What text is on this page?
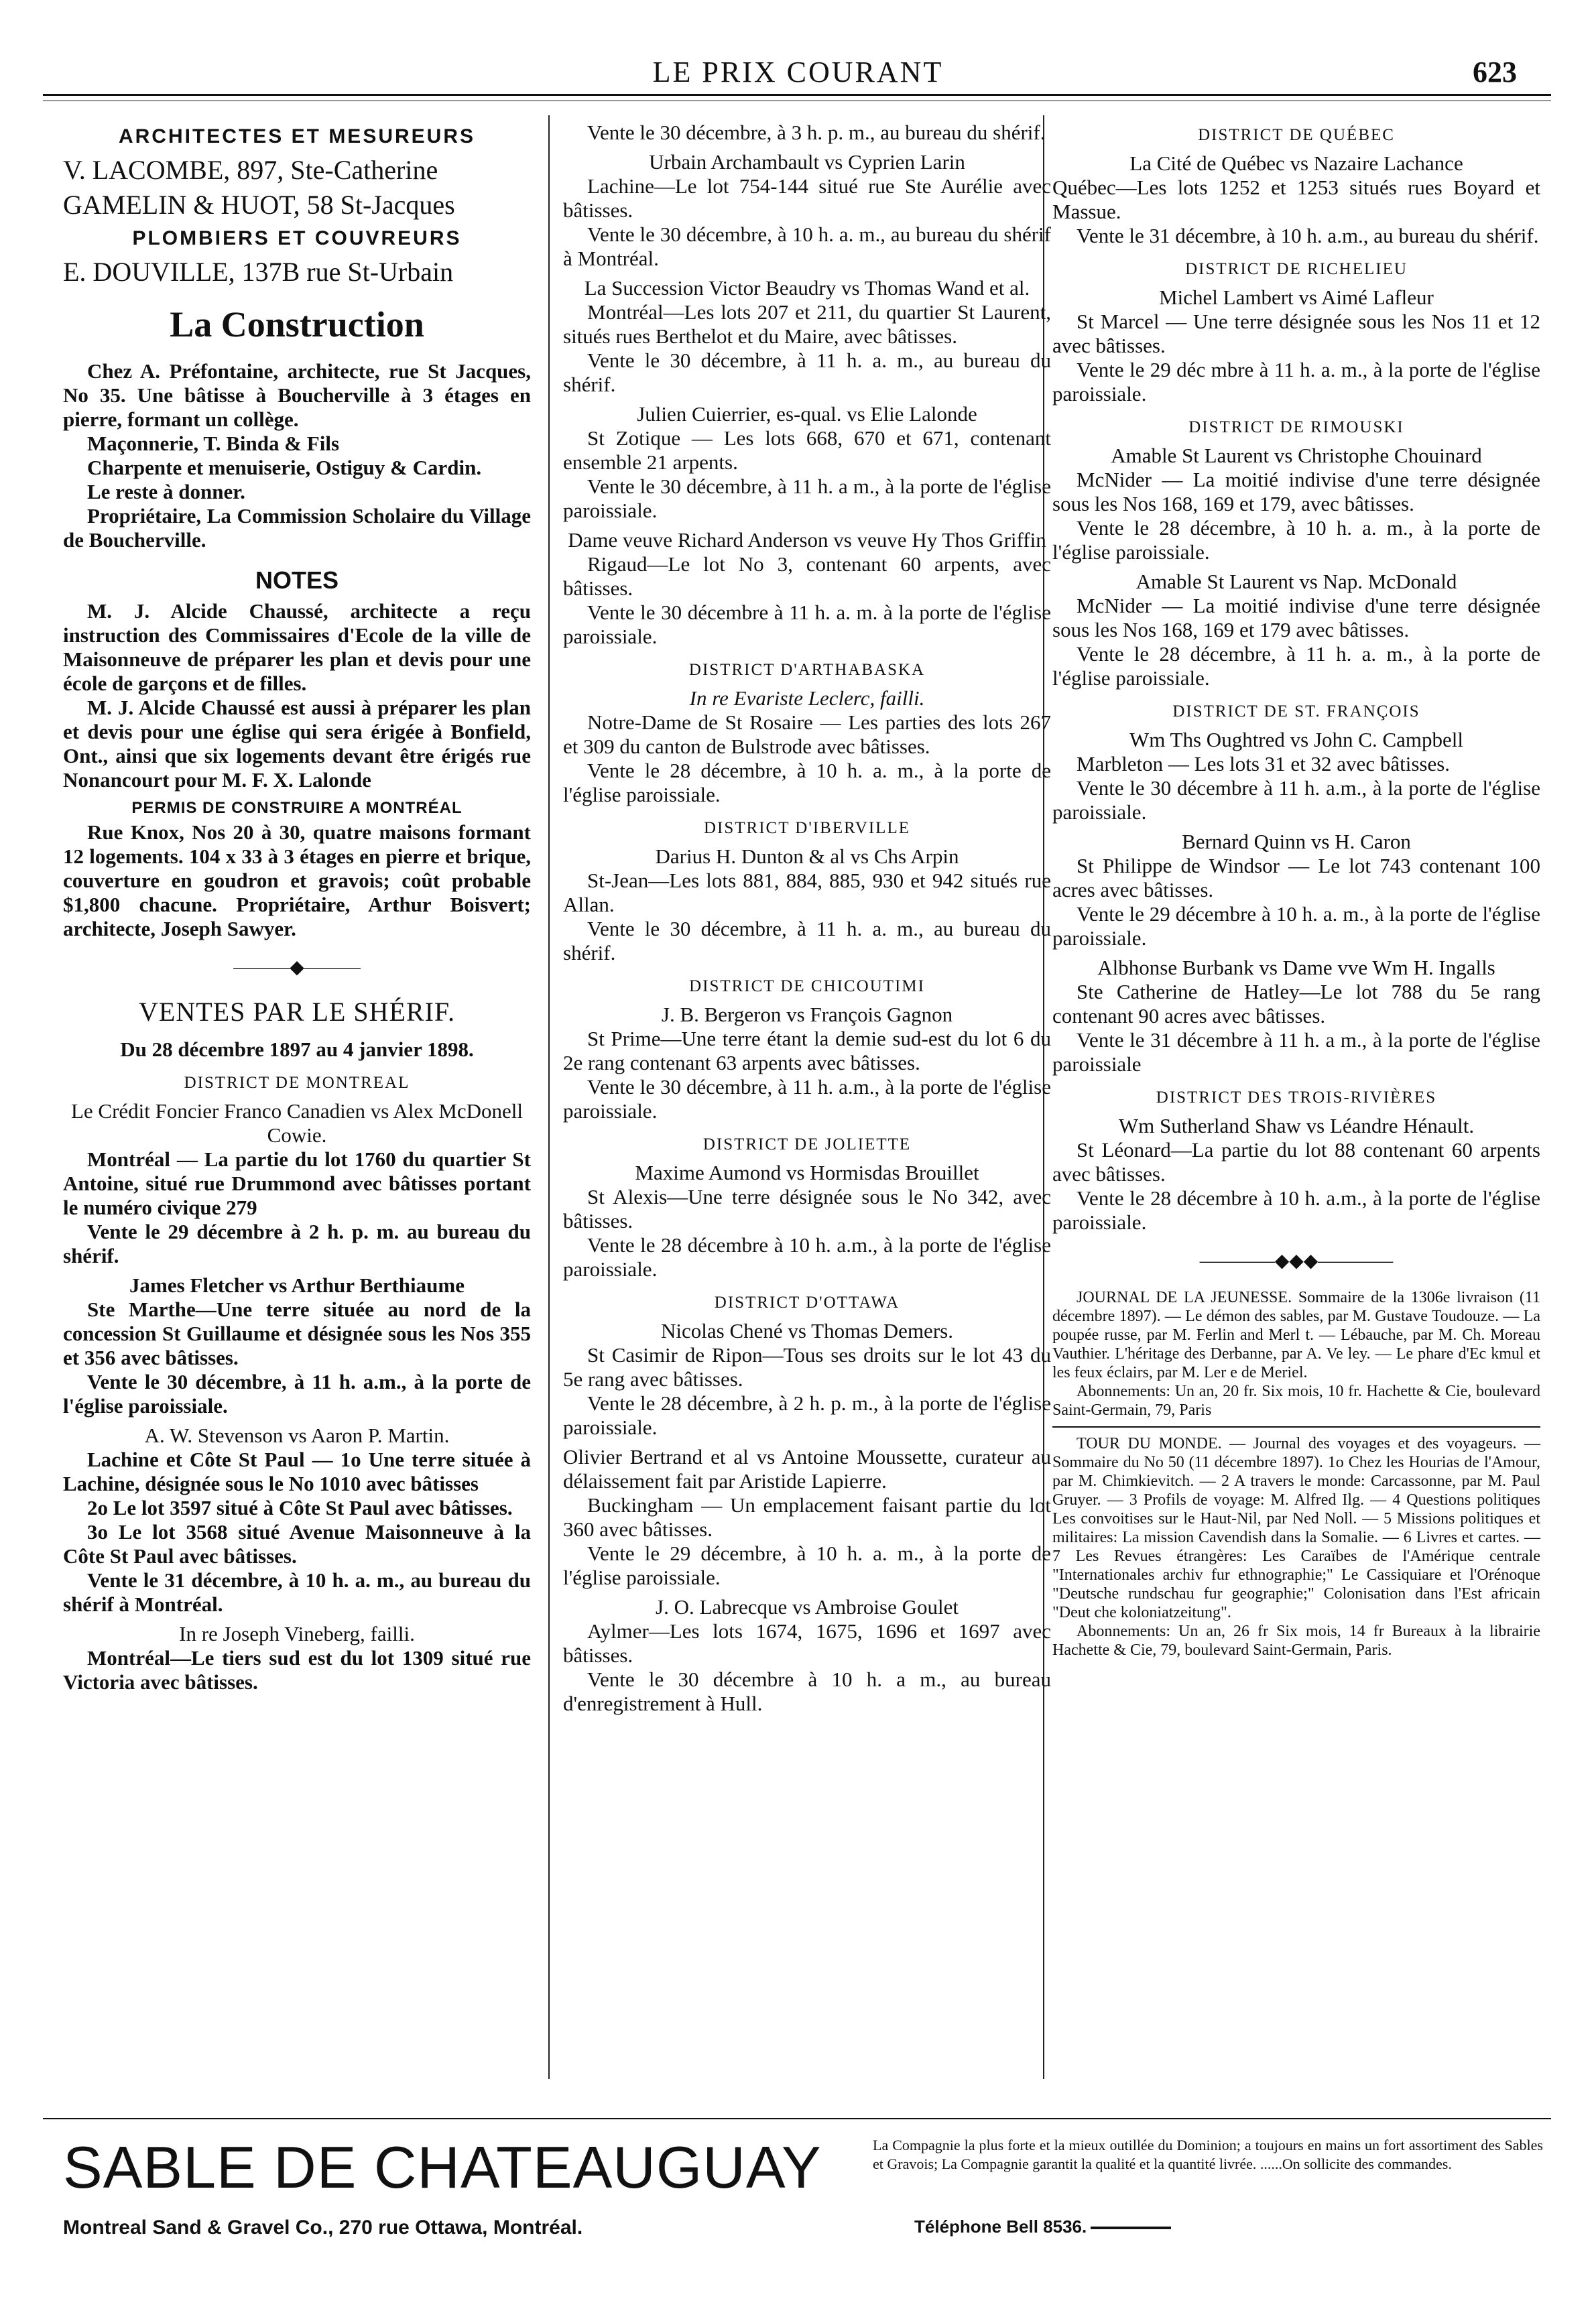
LE PRIX COURANT	623
ARCHITECTES ET MESUREURS
V. LACOMBE, 897, Ste-Catherine
GAMELIN & HUOT, 58 St-Jacques
PLOMBIERS ET COUVREURS
E. DOUVILLE, 137B rue St-Urbain
La Construction

Chez A. Préfontaine, architecte, rue St Jacques, No 35. Une bâtisse à Boucherville à 3 étages en pierre, formant un collège.

Maçonnerie, T. Binda & Fils

Charpente et menuiserie, Ostiguy & Cardin.

Le reste à donner.

Propriétaire, La Commission Scholaire du Village de Boucherville.

NOTES

M. J. Alcide Chaussé, architecte a reçu instruction des Commissaires d'Ecole de la ville de Maisonneuve de préparer les plan et devis pour une école de garçons et de filles.

M. J. Alcide Chaussé est aussi à préparer les plan et devis pour une église qui sera érigée à Bonfield, Ont., ainsi que six logements devant être érigés rue Nonancourt pour M. F. X. Lalonde

PERMIS DE CONSTRUIRE A MONTRÉAL

Rue Knox, Nos 20 à 30, quatre maisons formant 12 logements. 104 x 33 à 3 étages en pierre et brique, couverture en goudron et gravois; coût probable $1,800 chacune. Propriétaire, Arthur Boisvert; architecte, Joseph Sawyer.

———◆———
VENTES PAR LE SHÉRIF.

Du 28 décembre 1897 au 4 janvier 1898.

DISTRICT DE MONTREAL

Le Crédit Foncier Franco Canadien vs Alex McDonell Cowie.

Montréal — La partie du lot 1760 du quartier St Antoine, situé rue Drummond avec bâtisses portant le numéro civique 279

Vente le 29 décembre à 2 h. p. m. au bureau du shérif.

James Fletcher vs Arthur Berthiaume

Ste Marthe—Une terre située au nord de la concession St Guillaume et désignée sous les Nos 355 et 356 avec bâtisses.

Vente le 30 décembre, à 11 h. a.m., à la porte de l'église paroissiale.

A. W. Stevenson vs Aaron P. Martin.

Lachine et Côte St Paul — 1o Une terre située à Lachine, désignée sous le No 1010 avec bâtisses

2o Le lot 3597 situé à Côte St Paul avec bâtisses.

3o Le lot 3568 situé Avenue Maisonneuve à la Côte St Paul avec bâtisses.

Vente le 31 décembre, à 10 h. a. m., au bureau du shérif à Montréal.

In re Joseph Vineberg, failli.

Montréal—Le tiers sud est du lot 1309 situé rue Victoria avec bâtisses.

Vente le 30 décembre, à 3 h. p. m., au bureau du shérif.

Urbain Archambault vs Cyprien Larin

Lachine—Le lot 754-144 situé rue Ste Aurélie avec bâtisses.

Vente le 30 décembre, à 10 h. a. m., au bureau du shérif à Montréal.

La Succession Victor Beaudry vs Thomas Wand et al.

Montréal—Les lots 207 et 211, du quartier St Laurent, situés rues Berthelot et du Maire, avec bâtisses.

Vente le 30 décembre, à 11 h. a. m., au bureau du shérif.

Julien Cuierrier, es-qual. vs Elie Lalonde

St Zotique — Les lots 668, 670 et 671, contenant ensemble 21 arpents.

Vente le 30 décembre, à 11 h. a m., à la porte de l'église paroissiale.

Dame veuve Richard Anderson vs veuve Hy Thos Griffin

Rigaud—Le lot No 3, contenant 60 arpents, avec bâtisses.

Vente le 30 décembre à 11 h. a. m. à la porte de l'église paroissiale.

DISTRICT D'ARTHABASKA

In re Evariste Leclerc, failli.

Notre-Dame de St Rosaire — Les parties des lots 267 et 309 du canton de Bulstrode avec bâtisses.

Vente le 28 décembre, à 10 h. a. m., à la porte de l'église paroissiale.

DISTRICT D'IBERVILLE

Darius H. Dunton & al vs Chs Arpin

St-Jean—Les lots 881, 884, 885, 930 et 942 situés rue Allan.

Vente le 30 décembre, à 11 h. a. m., au bureau du shérif.

DISTRICT DE CHICOUTIMI

J. B. Bergeron vs François Gagnon

St Prime—Une terre étant la demie sud-est du lot 6 du 2e rang contenant 63 arpents avec bâtisses.

Vente le 30 décembre, à 11 h. a.m., à la porte de l'église paroissiale.

DISTRICT DE JOLIETTE

Maxime Aumond vs Hormisdas Brouillet

St Alexis—Une terre désignée sous le No 342, avec bâtisses.

Vente le 28 décembre à 10 h. a.m., à la porte de l'église paroissiale.

DISTRICT D'OTTAWA

Nicolas Chené vs Thomas Demers.

St Casimir de Ripon—Tous ses droits sur le lot 43 du 5e rang avec bâtisses.

Vente le 28 décembre, à 2 h. p. m., à la porte de l'église paroissiale.

Olivier Bertrand et al vs Antoine Moussette, curateur au délaissement fait par Aristide Lapierre.

Buckingham — Un emplacement faisant partie du lot 360 avec bâtisses.

Vente le 29 décembre, à 10 h. a. m., à la porte de l'église paroissiale.

J. O. Labrecque vs Ambroise Goulet

Aylmer—Les lots 1674, 1675, 1696 et 1697 avec bâtisses.

Vente le 30 décembre à 10 h. a m., au bureau d'enregistrement à Hull.

DISTRICT DE QUÉBEC

La Cité de Québec vs Nazaire Lachance

Québec—Les lots 1252 et 1253 situés rues Boyard et Massue.

Vente le 31 décembre, à 10 h. a.m., au bureau du shérif.

DISTRICT DE RICHELIEU

Michel Lambert vs Aimé Lafleur

St Marcel — Une terre désignée sous les Nos 11 et 12 avec bâtisses.

Vente le 29 déc mbre à 11 h. a. m., à la porte de l'église paroissiale.

DISTRICT DE RIMOUSKI

Amable St Laurent vs Christophe Chouinard

McNider — La moitié indivise d'une terre désignée sous les Nos 168, 169 et 179, avec bâtisses.

Vente le 28 décembre, à 10 h. a. m., à la porte de l'église paroissiale.

Amable St Laurent vs Nap. McDonald

McNider — La moitié indivise d'une terre désignée sous les Nos 168, 169 et 179 avec bâtisses.

Vente le 28 décembre, à 11 h. a. m., à la porte de l'église paroissiale.

DISTRICT DE ST. FRANÇOIS

Wm Ths Oughtred vs John C. Campbell

Marbleton — Les lots 31 et 32 avec bâtisses.

Vente le 30 décembre à 11 h. a.m., à la porte de l'église paroissiale.

Bernard Quinn vs H. Caron

St Philippe de Windsor — Le lot 743 contenant 100 acres avec bâtisses.

Vente le 29 décembre à 10 h. a. m., à la porte de l'église paroissiale.

Albhonse Burbank vs Dame vve Wm H. Ingalls

Ste Catherine de Hatley—Le lot 788 du 5e rang contenant 90 acres avec bâtisses.

Vente le 31 décembre à 11 h. a m., à la porte de l'église paroissiale

DISTRICT DES TROIS-RIVIÈRES

Wm Sutherland Shaw vs Léandre Hénault.

St Léonard—La partie du lot 88 contenant 60 arpents avec bâtisses.

Vente le 28 décembre à 10 h. a.m., à la porte de l'église paroissiale.

————◆◆◆————

JOURNAL DE LA JEUNESSE. Sommaire de la 1306e livraison (11 décembre 1897). — Le démon des sables, par M. Gustave Toudouze. — La poupée russe, par M. Ferlin and Merl t. — Lébauche, par M. Ch. Moreau Vauthier. L'héritage des Derbanne, par A. Ve ley. — Le phare d'Ec kmul et les feux éclairs, par M. Ler e de Meriel.

Abonnements: Un an, 20 fr. Six mois, 10 fr. Hachette & Cie, boulevard Saint-Germain, 79, Paris

TOUR DU MONDE. — Journal des voyages et des voyageurs. — Sommaire du No 50 (11 décembre 1897). 1o Chez les Hourias de l'Amour, par M. Chimkievitch. — 2 A travers le monde: Carcassonne, par M. Paul Gruyer. — 3 Profils de voyage: M. Alfred Ilg. — 4 Questions politiques Les convoitises sur le Haut-Nil, par Ned Noll. — 5 Missions politiques et militaires: La mission Cavendish dans la Somalie. — 6 Livres et cartes. — 7 Les Revues étrangères: Les Caraïbes de l'Amérique centrale "Internationales archiv fur ethnographie;" Le Cassiquiare et l'Orénoque "Deutsche rundschau fur geographie;" Colonisation dans l'Est africain "Deut che koloniatzeitung".

Abonnements: Un an, 26 fr Six mois, 14 fr Bureaux à la librairie Hachette & Cie, 79, boulevard Saint-Germain, Paris.

SABLE DE CHATEAUGUAY
Montreal Sand & Gravel Co., 270 rue Ottawa, Montréal.
La Compagnie la plus forte et la mieux outillée du Dominion; a toujours en mains un fort assortiment des Sables et Gravois; La Compagnie garantit la qualité et la quantité livrée. ......On sollicite des commandes.
Téléphone Bell 8536.
